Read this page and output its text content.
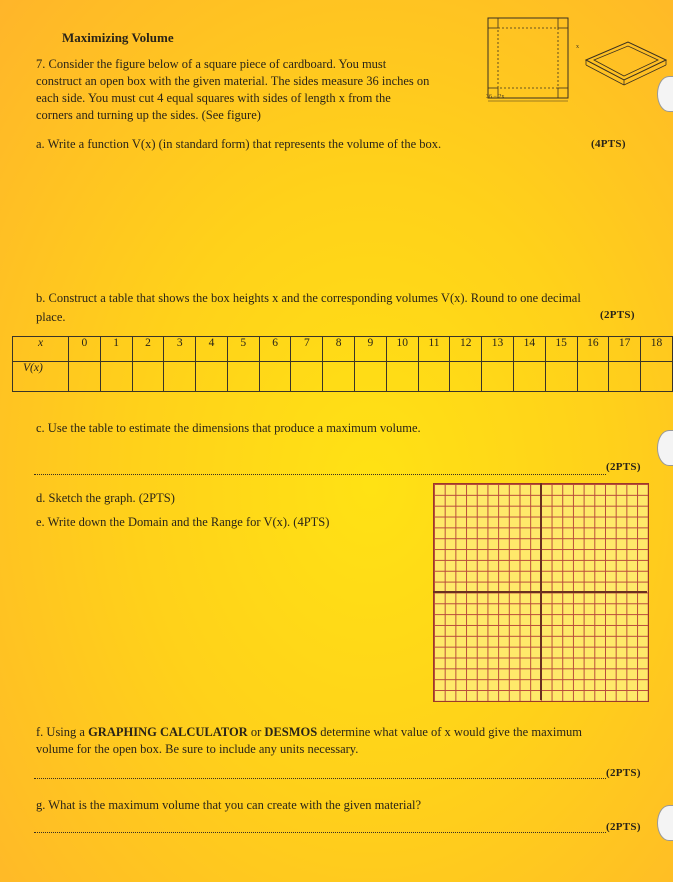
Maximizing Volume
7. Consider the figure below of a square piece of cardboard. You must
construct an open box with the given material. The sides measure 36 inches on
each side. You must cut 4 equal squares with sides of length x from the
corners and turning up the sides. (See figure)
36 − 2x
x
a. Write a function V(x) (in standard form) that represents the volume of the box.	(4PTS)
b. Construct a table that shows the box heights x and the corresponding volumes V(x). Round to one decimal
place.	(2PTS)
x	0	1	2	3	4	5	6	7	8	9	10	11	12	13	14	15	16	17	18
V(x)																			
c. Use the table to estimate the dimensions that produce a maximum volume.
(2PTS)
d. Sketch the graph. (2PTS)
e. Write down the Domain and the Range for V(x). (4PTS)
f. Using a GRAPHING CALCULATOR or DESMOS determine what value of x would give the maximum
volume for the open box. Be sure to include any units necessary.
(2PTS)
g. What is the maximum volume that you can create with the given material?
(2PTS)
